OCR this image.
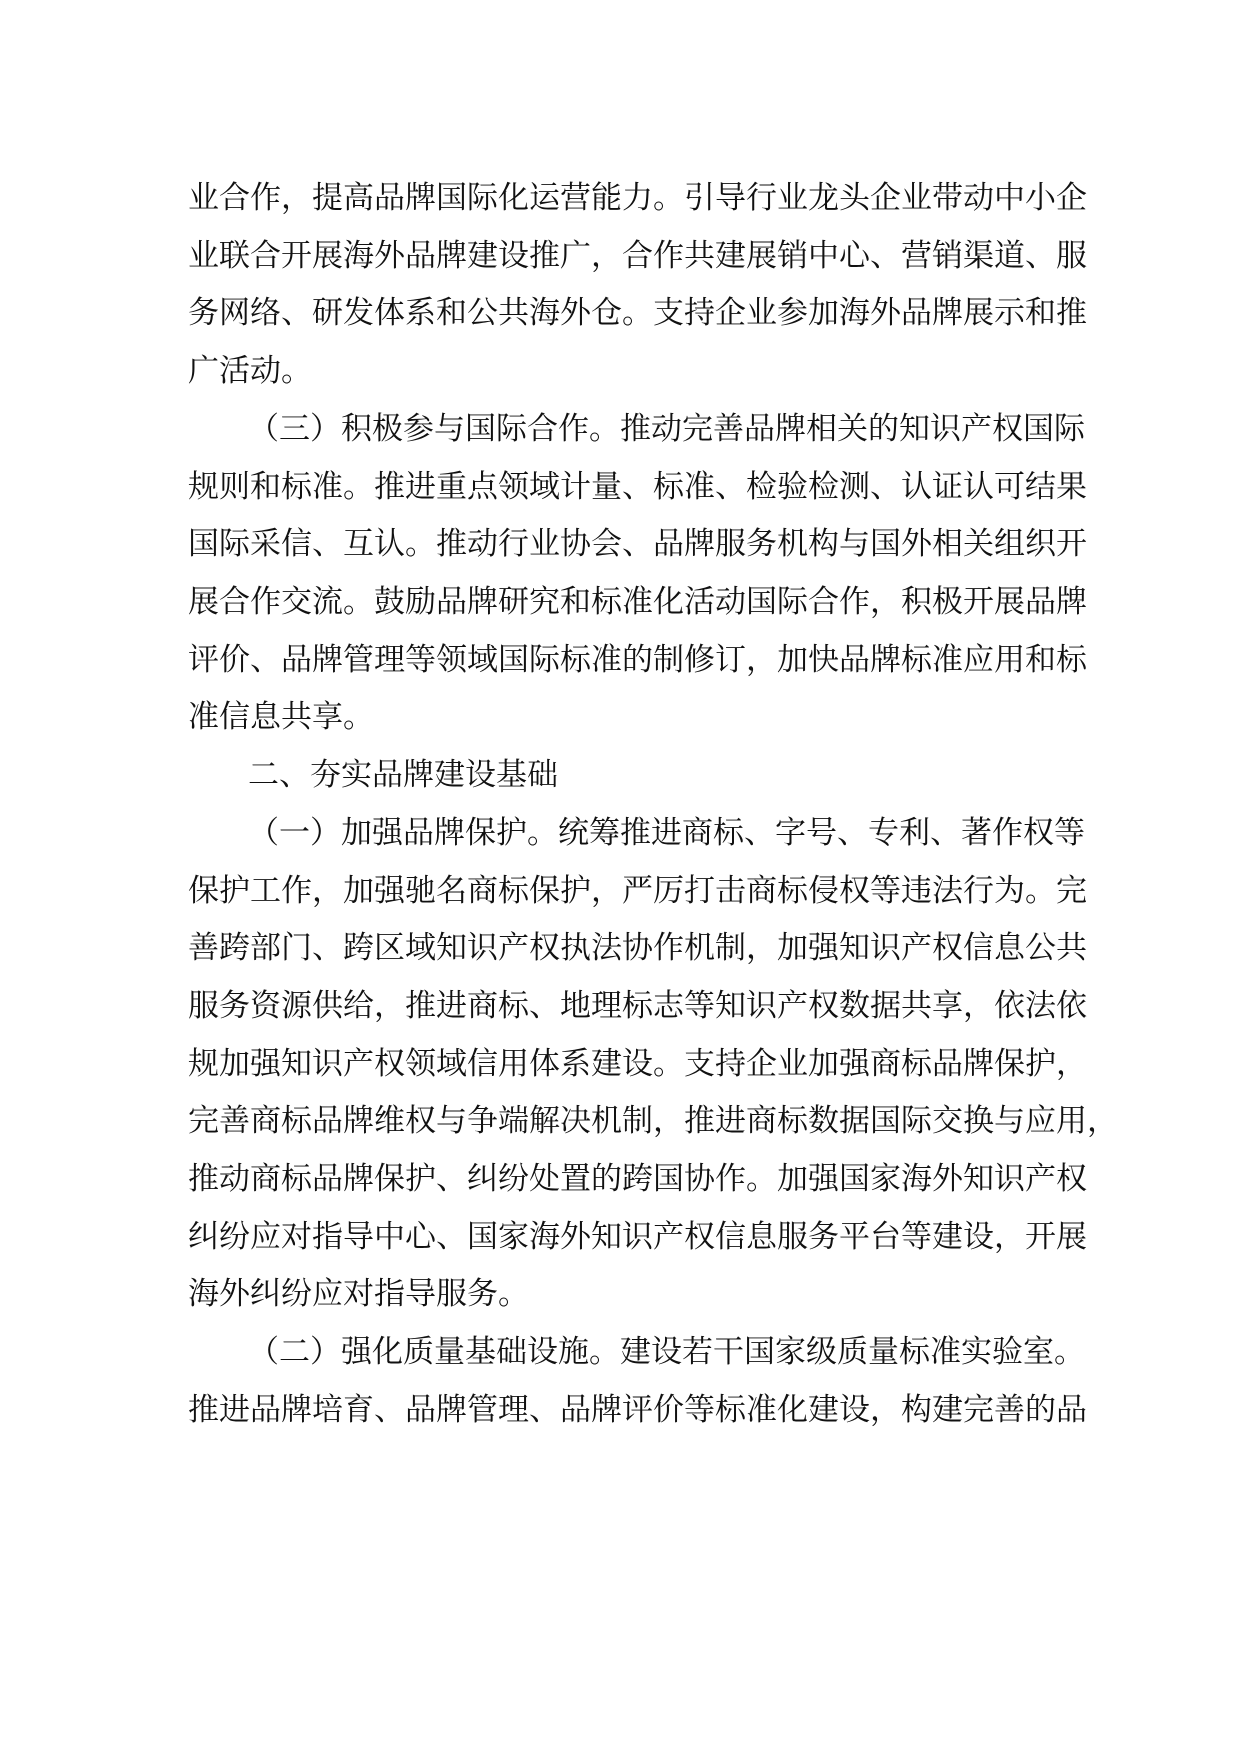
业合作，提高品牌国际化运营能力。引导行业龙头企业带动中小企

业联合开展海外品牌建设推广，合作共建展销中心、营销渠道、服

务网络、研发体系和公共海外仓。支持企业参加海外品牌展示和推

广活动。

（三）积极参与国际合作。推动完善品牌相关的知识产权国际

规则和标准。推进重点领域计量、标准、检验检测、认证认可结果

国际采信、互认。推动行业协会、品牌服务机构与国外相关组织开

展合作交流。鼓励品牌研究和标准化活动国际合作，积极开展品牌

评价、品牌管理等领域国际标准的制修订，加快品牌标准应用和标

准信息共享。

二、夯实品牌建设基础

（一）加强品牌保护。统筹推进商标、字号、专利、著作权等

保护工作，加强驰名商标保护，严厉打击商标侵权等违法行为。完

善跨部门、跨区域知识产权执法协作机制，加强知识产权信息公共

服务资源供给，推进商标、地理标志等知识产权数据共享，依法依

规加强知识产权领域信用体系建设。支持企业加强商标品牌保护，

完善商标品牌维权与争端解决机制，推进商标数据国际交换与应用，

推动商标品牌保护、纠纷处置的跨国协作。加强国家海外知识产权

纠纷应对指导中心、国家海外知识产权信息服务平台等建设，开展

海外纠纷应对指导服务。

（二）强化质量基础设施。建设若干国家级质量标准实验室。

推进品牌培育、品牌管理、品牌评价等标准化建设，构建完善的品
